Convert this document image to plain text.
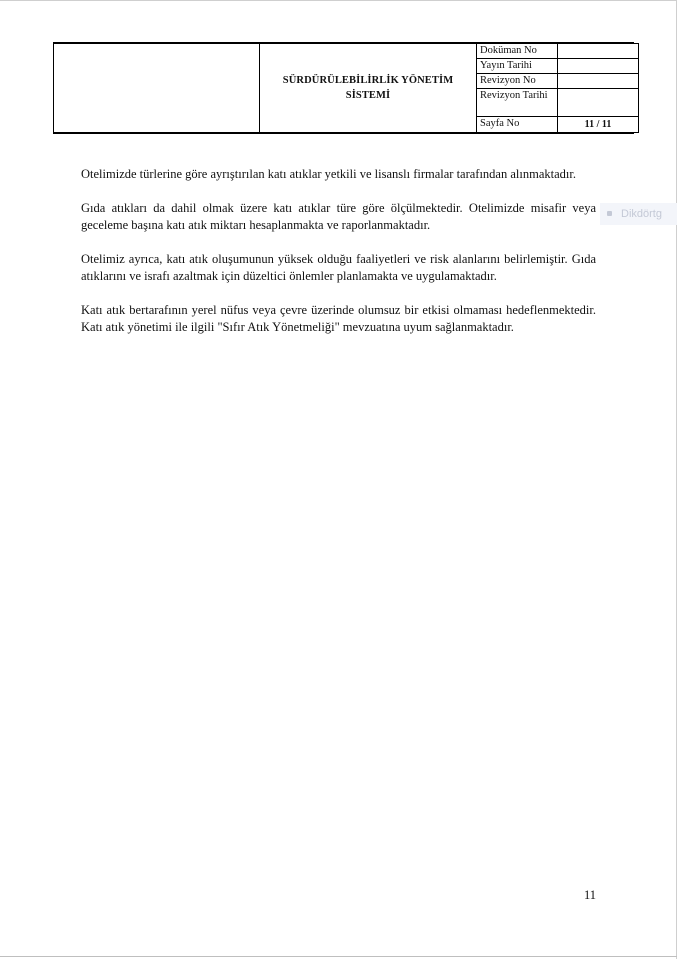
	SÜRDÜRÜLEBİLİRLİK YÖNETİM SİSTEMİ	Doküman No	
		Yayın Tarihi	
		Revizyon No	
		Revizyon Tarihi	
		Sayfa No	11 / 11

Otelimizde türlerine göre ayrıştırılan katı atıklar yetkili ve lisanslı firmalar tarafından alınmaktadır.

Gıda atıkları da dahil olmak üzere katı atıklar türe göre ölçülmektedir. Otelimizde misafir veya geceleme başına katı atık miktarı hesaplanmakta ve raporlanmaktadır.

Otelimiz ayrıca, katı atık oluşumunun yüksek olduğu faaliyetleri ve risk alanlarını belirlemiştir. Gıda atıklarını ve israfı azaltmak için düzeltici önlemler planlamakta ve uygulamaktadır.

Katı atık bertarafının yerel nüfus veya çevre üzerinde olumsuz bir etkisi olmaması hedeflenmektedir. Katı atık yönetimi ile ilgili "Sıfır Atık Yönetmeliği" mevzuatına uyum sağlanmaktadır.

Dikdörtg
11
